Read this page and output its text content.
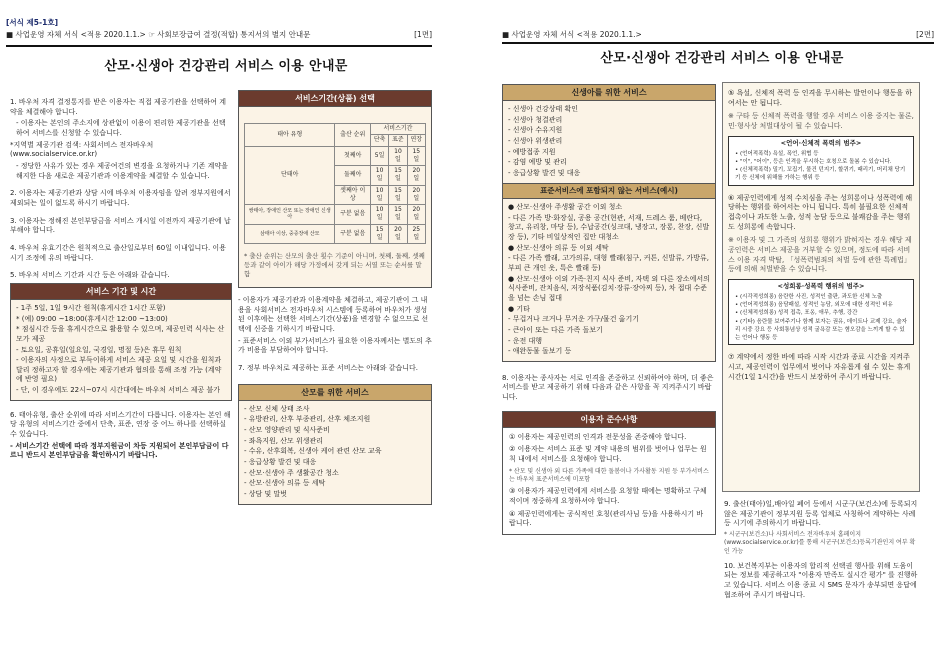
[서식 제5-1호]
■ 사업운영 자체 서식 <적용 2020.1.1.> ☞ 사회보장급여 결정(적합) 통지서의 별지 안내문	[1면]
산모·신생아 건강관리 서비스 이용 안내문

1. 바우처 자격 결정통지를 받은 이용자는 직접 제공기관을 선택하여 계약을 체결해야 합니다.

- 이용자는 본인의 주소지에 상관없이 이용이 편리한 제공기관을 선택하여 서비스를 신청할 수 있습니다.

*지역별 제공기관 검색: 사회서비스 전자바우처 (www.socialservice.or.kr)

- 정당한 사유가 있는 경우 제공여건의 변경을 요청하거나 기존 계약을 해지한 다음 새로운 제공기관과 이용계약을 체결할 수 있습니다.

2. 이용자는 제공기관과 상담 시에 바우처 이용자임을 알려 정부지원에서 제외되는 일이 없도록 하시기 바랍니다.

3. 이용자는 정해진 본인부담금을 서비스 개시일 이전까지 제공기관에 납부해야 합니다.

4. 바우처 유효기간은 원칙적으로 출산일로부터 60일 이내입니다. 이용 시기 조정에 유의 바랍니다.

5. 바우처 서비스 기간과 시간 등은 아래와 같습니다.

서비스 기간 및 시간
- 1주 5일, 1일 9시간 원칙(휴게시간 1시간 포함)
* (예) 09:00 ~18:00(휴게시간 12:00 ~13:00)
* 점심시간 등을 휴게시간으로 활용할 수 있으며, 제공인력 식사는 산모가 제공
- 토요일, 공휴일(일요일, 국경일, 명절 등)은 휴무 원칙
- 이용자의 사정으로 부득이하게 서비스 제공 요일 및 시간을 원칙과 달리 정하고자 할 경우에는 제공기관과 협의를 통해 조정 가능 (계약에 반영 필요)
- 단, 이 경우에도 22시~07시 시간대에는 바우처 서비스 제공 불가

6. 태아유형, 출산 순위에 따라 서비스기간이 다릅니다. 이용자는 본인 해당 유형의 서비스기간 중에서 단축, 표준, 연장 중 어느 하나를 선택하실 수 있습니다.

- 서비스기간 선택에 따라 정부지원금이 차등 지원되어 본인부담금이 다르니 반드시 본인부담금을 확인하시기 바랍니다.

서비스기간(상품) 선택
태아 유형	출산 순위	서비스기간		
		단축	표준	연장
단태아	첫째아	5일	10일	15일
	둘째아	10일	15일	20일
	셋째아 이상	10일	15일	20일
쌍태아, 장애인 산모 또는 장애인 신생아	구분 없음	10일	15일	20일
삼태아 이상, 중증장애 산모	구분 없음	15일	20일	25일

* 출산 순위는 산모의 출산 횟수 기준이 아니며, 첫째, 둘째, 셋째 등과 같이 아이가 해당 가정에서 갖게 되는 서열 또는 순서를 말함

- 이용자가 제공기관과 이용계약을 체결하고, 제공기관이 그 내용을 사회서비스 전자바우처 시스템에 등록하여 바우처가 생성된 이후에는 선택한 서비스기간(상품)을 변경할 수 없으므로 선택에 신중을 기하시기 바랍니다.

- 표준서비스 이외 부가서비스가 필요한 이용자께서는 별도의 추가 비용을 부담하여야 합니다.

7. 정부 바우처로 제공하는 표준 서비스는 아래와 같습니다.

산모를 위한 서비스
- 산모 신체 상태 조사
- 유방관리, 산후 부종관리, 산후 체조지원
- 산모 영양관리 및 식사준비
- 좌욕지원, 산모 위생관리
- 수유, 산후회복, 신생아 케어 관련 산모 교육
- 응급상황 발견 및 대응
- 산모·신생아 주 생활공간 청소
- 산모·신생아 의류 등 세탁
- 상담 및 말벗
■ 사업운영 자체 서식 <적용 2020.1.1.>	[2면]
산모·신생아 건강관리 서비스 이용 안내문
신생아를 위한 서비스
- 신생아 건강상태 확인
- 신생아 청결관리
- 신생아 수유지원
- 신생아 위생관리
- 예방접종 지원
- 감염 예방 및 관리
- 응급상황 발견 및 대응
표준서비스에 포함되지 않는 서비스(예시)
● 산모·신생아 주생활 공간 이외 청소
- 다른 가족 방·화장실, 공용 공간(현관, 서재, 드레스 룸, 베란다, 창고, 유리창, 마당 등), 수납공간(싱크대, 냉장고, 장롱, 찬장, 신발장 등), 기타 비일상적인 집안 대청소
● 산모·신생아 의류 등 이외 세탁
- 다른 가족 빨래, 고가의류, 대형 빨래(침구, 커튼, 신발류, 가방류, 부피 큰 개인 옷, 특은 빨래 등)
● 산모·신생아 이외 가족·친지 식사 준비, 자택 외 다른 장소에서의 식사준비, 잔치음식, 저장식품(김치·장류·장아찌 등), 차 접대 수준을 넘는 손님 접대
● 기타
- 무겁거나 크거나 무거운 가구/물건 옮기기
- 큰아이 또는 다른 가족 돌보기
- 운전 대행
- 애완동물 돌보기 등

8. 이용자는 종사자는 서로 인격을 존중하고 신뢰하여야 하며, 더 좋은 서비스를 받고 제공하기 위해 다음과 같은 사항을 꼭 지켜주시기 바랍니다.

이용자 준수사항
① 이용자는 제공인력의 인격과 전문성을 존중해야 합니다.
② 이용자는 서비스 표준 및 계약 내용의 범위를 벗어나 업무는 원칙 내에서 서비스를 요청해야 합니다.
* 산모 및 신생아 외 다른 가족에 대한 돌봄이나 가사활동 지원 등 부가서비스는 바우처 표준서비스에 미포함
③ 이용자가 제공인력에게 서비스를 요청할 때에는 명확하고 구체적이며 정중하게 요청하셔야 합니다.
④ 제공인력에게는 공식적인 호칭(관리사님 등)을 사용하시기 바랍니다.

⑤ 욕설, 신체적 폭력 등 인격을 무시하는 발언이나 행동을 하여서는 안 됩니다.

※ 구타 등 신체적 폭력을 행할 경우 서비스 이용 중지는 물론, 민·형사상 처벌대상이 될 수 있습니다.

<언어·신체적 폭력의 범주>
• (언어적폭력) 욕설, 폭언, 위협 등
• "이", "어이", 등은 인격을 무시하는 호칭으로 돌봄 수 있습니다.
• (신체적폭력) 밀기, 꼬집기, 물건 던지기, 할퀴기, 때리기, 머리채 당기기 등 신체에 위해를 가하는 행위 등

⑥ 제공인력에게 성적 수치심을 주는 성희롱이나 성폭력에 해당하는 행위를 하여서는 아니 됩니다. 특히 불필요한 신체적 접촉이나 과도한 노출, 성적 농담 등으로 불쾌감을 주는 행위도 성희롱에 속합니다.

※ 이용자 및 그 가족의 성희롱 행위가 밝혀지는 경우 해당 제공인력은 서비스 제공을 거부할 수 있으며, 정도에 따라 서비스 이용 자격 박탈, 「성폭력범죄의 처벌 등에 관한 특례법」 등에 의해 처벌받을 수 있습니다.

<성희롱·성폭력 행위의 범주>
• (시각적성희롱) 음란한 사진, 성적인 출판, 과도한 신체 노출
• (언어적성희롱) 음담패설, 성적인 농담, 외모에 대한 성적인 비유
• (신체적성희롱) 성적 접촉, 포옹, 애무, 추행, 강간
• (기타) 음란물 보여주기나 함께 보자는 권유, 데이트나 교제 강요, 술자리 시중 강요 등 사회통념상 성적 굴욕감 또는 혐오감을 느끼게 할 수 있는 언어나 행동 등

⑦ 계약에서 정한 바에 따라 시작 시간과 종료 시간을 지켜주시고, 제공인력이 업무에서 벗어나 자유롭게 쉴 수 있는 휴게시간(1일 1시간)을 반드시 보장하여 주시기 바랍니다.

9. 출산(태아)일,배아일 폐어 등에서 시군구(보건소)에 등록되지 않은 제공기관이 정부지원 등록 업체로 사칭하여 계약하는 사례 등 시기에 주의하시기 바랍니다.

* 시군구(보건소)나 사회서비스 전자바우처 홈페이지 (www.socialservice.or.kr)를 통해 시군구(보건소)등록기관인지 여부 확인 가능

10. 보건복지부는 이용자의 합리적 선택권 행사를 위해 도움이 되는 정보를 제공하고자 "이용자 만족도 실시간 평가" 를 진행하고 있습니다. 서비스 이용 종료 시 SMS 문자가 송부되면 응답에 협조하여 주시기 바랍니다.
